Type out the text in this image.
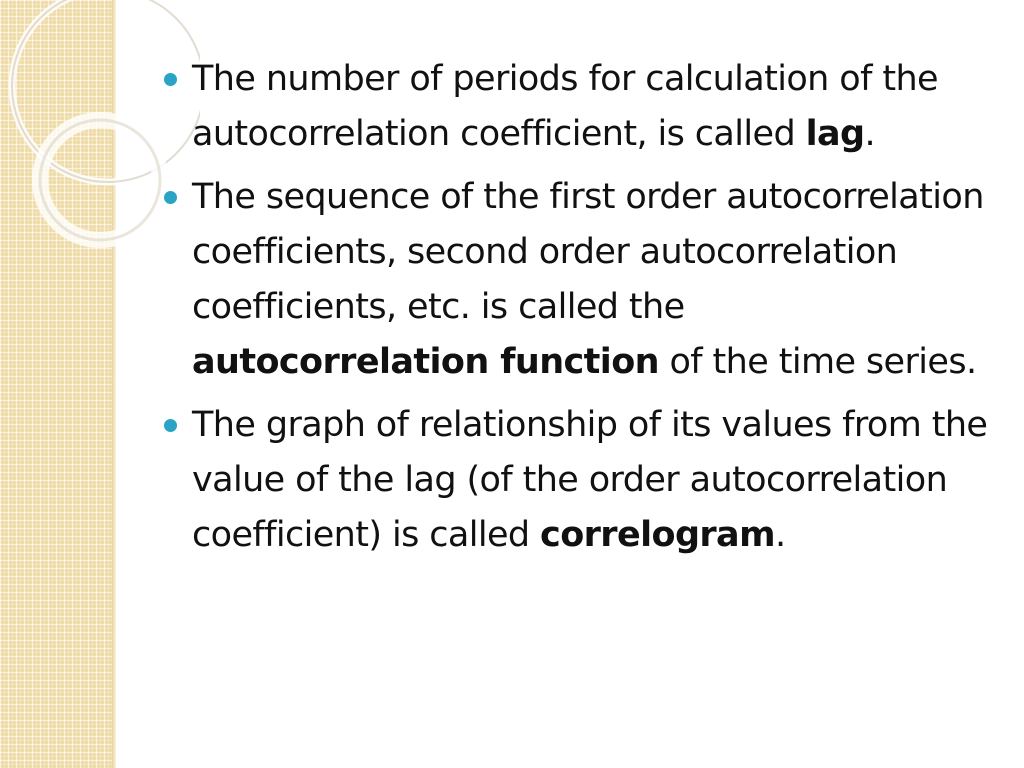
The number of periods for calculation of the autocorrelation coefficient, is called lag.
The sequence of the first order autocorrelation coefficients, second order autocorrelation coefficients, etc. is called the autocorrelation function of the time series.
The graph of relationship of its values from the value of the lag (of the order autocorrelation coefficient) is called correlogram.
